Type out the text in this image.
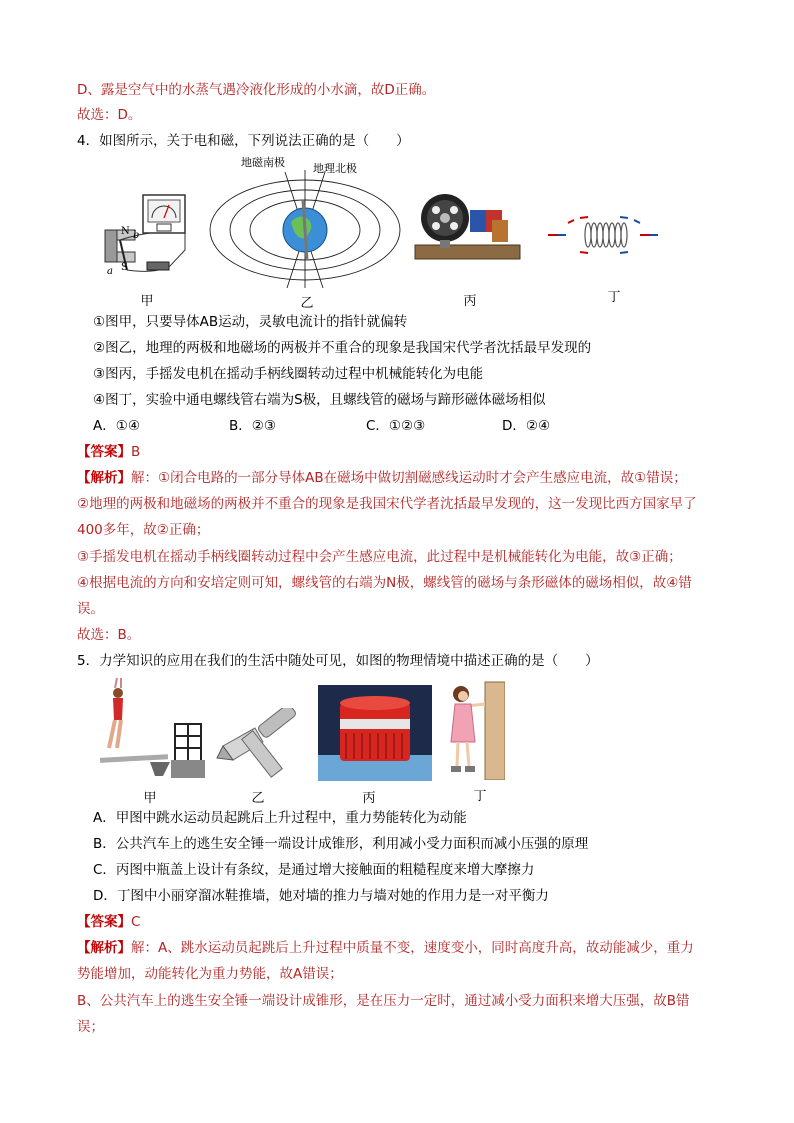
D、露是空气中的水蒸气遇冷液化形成的小水滴，故D正确。
故选：D。
4．如图所示，关于电和磁，下列说法正确的是（　　）
N
S
a
b
地磁南极	地理北极
甲	乙	丙	丁
①图甲，只要导体AB运动，灵敏电流计的指针就偏转
②图乙，地理的两极和地磁场的两极并不重合的现象是我国宋代学者沈括最早发现的
③图丙，手摇发电机在摇动手柄线圈转动过程中机械能转化为电能
④图丁，实验中通电螺线管右端为S极，且螺线管的磁场与蹄形磁体磁场相似
A．①④	B．②③	C．①②③	D．②④
【答案】B
【解析】解：①闭合电路的一部分导体AB在磁场中做切割磁感线运动时才会产生感应电流，故①错误；
②地理的两极和地磁场的两极并不重合的现象是我国宋代学者沈括最早发现的，这一发现比西方国家早了
400多年，故②正确；
③手摇发电机在摇动手柄线圈转动过程中会产生感应电流，此过程中是机械能转化为电能，故③正确；
④根据电流的方向和安培定则可知，螺线管的右端为N极，螺线管的磁场与条形磁体的磁场相似，故④错
误。
故选：B。
5．力学知识的应用在我们的生活中随处可见，如图的物理情境中描述正确的是（　　）
甲	乙	丙	丁
A．甲图中跳水运动员起跳后上升过程中，重力势能转化为动能
B．公共汽车上的逃生安全锤一端设计成锥形，利用减小受力面积而减小压强的原理
C．丙图中瓶盖上设计有条纹，是通过增大接触面的粗糙程度来增大摩擦力
D．丁图中小丽穿溜冰鞋推墙，她对墙的推力与墙对她的作用力是一对平衡力
【答案】C
【解析】解：A、跳水运动员起跳后上升过程中质量不变，速度变小，同时高度升高，故动能减少，重力
势能增加，动能转化为重力势能，故A错误；
B、公共汽车上的逃生安全锤一端设计成锥形，是在压力一定时，通过减小受力面积来增大压强，故B错
误；
